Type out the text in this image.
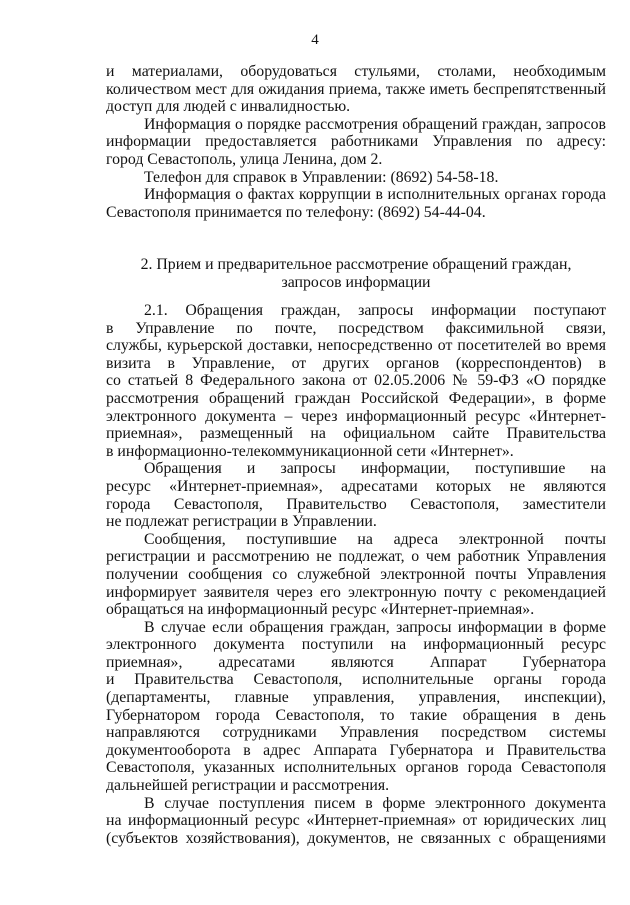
4
и материалами, оборудоваться стульями, столами, необходимым
количеством мест для ожидания приема, также иметь беспрепятственный
доступ для людей с инвалидностью.
Информация о порядке рассмотрения обращений граждан, запросов
информации предоставляется работниками Управления по адресу:
город Севастополь, улица Ленина, дом 2.
Телефон для справок в Управлении: (8692) 54-58-18.
Информация о фактах коррупции в исполнительных органах города
Севастополя принимается по телефону: (8692) 54-44-04.
2. Прием и предварительное рассмотрение обращений граждан,
запросов информации
2.1. Обращения граждан, запросы информации поступают
в Управление по почте, посредством факсимильной связи,
службы, курьерской доставки, непосредственно от посетителей во время
визита в Управление, от других органов (корреспондентов) в
со статьей 8 Федерального закона от 02.05.2006 № 59-ФЗ «О порядке
рассмотрения обращений граждан Российской Федерации», в форме
электронного документа – через информационный ресурс «Интернет-
приемная», размещенный на официальном сайте Правительства
в информационно-телекоммуникационной сети «Интернет».
Обращения и запросы информации, поступившие на
ресурс «Интернет-приемная», адресатами которых не являются
города Севастополя, Правительство Севастополя, заместители
не подлежат регистрации в Управлении.
Сообщения, поступившие на адреса электронной почты
регистрации и рассмотрению не подлежат, о чем работник Управления
получении сообщения со служебной электронной почты Управления
информирует заявителя через его электронную почту с рекомендацией
обращаться на информационный ресурс «Интернет-приемная».
В случае если обращения граждан, запросы информации в форме
электронного документа поступили на информационный ресурс
приемная», адресатами являются Аппарат Губернатора
и Правительства Севастополя, исполнительные органы города
(департаменты, главные управления, управления, инспекции),
Губернатором города Севастополя, то такие обращения в день
направляются сотрудниками Управления посредством системы
документооборота в адрес Аппарата Губернатора и Правительства
Севастополя, указанных исполнительных органов города Севастополя
дальнейшей регистрации и рассмотрения.
В случае поступления писем в форме электронного документа
на информационный ресурс «Интернет-приемная» от юридических лиц
(субъектов хозяйствования), документов, не связанных с обращениями
